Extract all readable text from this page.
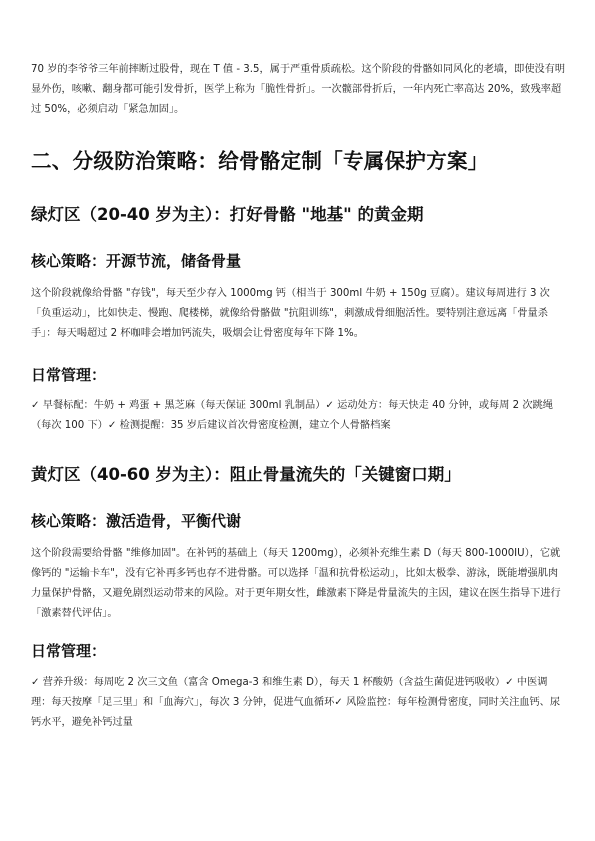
70 岁的李爷爷三年前摔断过股骨，现在 T 值 - 3.5，属于严重骨质疏松。这个阶段的骨骼如同风化的老墙，即使没有明显外伤，咳嗽、翻身都可能引发骨折，医学上称为「脆性骨折」。一次髋部骨折后，一年内死亡率高达 20%，致残率超过 50%，必须启动「紧急加固」。

二、分级防治策略：给骨骼定制「专属保护方案」
绿灯区（20-40 岁为主）：打好骨骼 "地基" 的黄金期
核心策略：开源节流，储备骨量

这个阶段就像给骨骼 "存钱"，每天至少存入 1000mg 钙（相当于 300ml 牛奶 + 150g 豆腐）。建议每周进行 3 次「负重运动」，比如快走、慢跑、爬楼梯，就像给骨骼做 "抗阻训练"，刺激成骨细胞活性。要特别注意远离「骨量杀手」：每天喝超过 2 杯咖啡会增加钙流失，吸烟会让骨密度每年下降 1%。

日常管理：

✓ 早餐标配：牛奶 + 鸡蛋 + 黑芝麻（每天保证 300ml 乳制品）✓ 运动处方：每天快走 40 分钟，或每周 2 次跳绳（每次 100 下）✓ 检测提醒：35 岁后建议首次骨密度检测，建立个人骨骼档案

黄灯区（40-60 岁为主）：阻止骨量流失的「关键窗口期」
核心策略：激活造骨，平衡代谢

这个阶段需要给骨骼 "维修加固"。在补钙的基础上（每天 1200mg），必须补充维生素 D（每天 800-1000IU），它就像钙的 "运输卡车"，没有它补再多钙也存不进骨骼。可以选择「温和抗骨松运动」，比如太极拳、游泳，既能增强肌肉力量保护骨骼，又避免剧烈运动带来的风险。对于更年期女性，雌激素下降是骨量流失的主因，建议在医生指导下进行「激素替代评估」。

日常管理：

✓ 营养升级：每周吃 2 次三文鱼（富含 Omega-3 和维生素 D），每天 1 杯酸奶（含益生菌促进钙吸收）✓ 中医调理：每天按摩「足三里」和「血海穴」，每次 3 分钟，促进气血循环✓ 风险监控：每年检测骨密度，同时关注血钙、尿钙水平，避免补钙过量
